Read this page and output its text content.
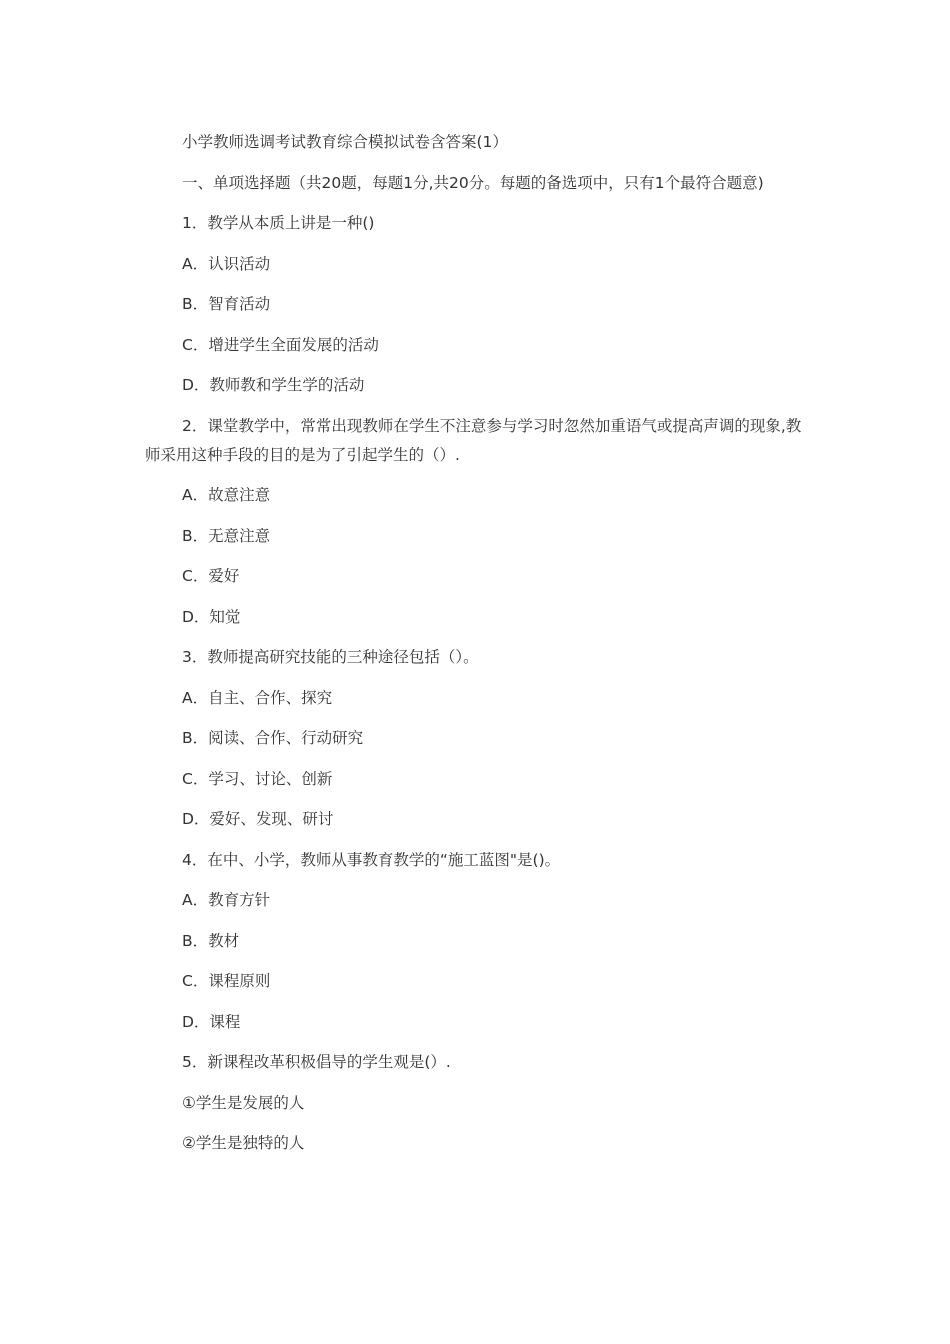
小学教师选调考试教育综合模拟试卷含答案(1）

一、单项选择题（共20题，每题1分,共20分。每题的备选项中，只有1个最符合题意)

1．教学从本质上讲是一种()

A．认识活动

B．智育活动

C．增进学生全面发展的活动

D．教师教和学生学的活动

2．课堂教学中，常常出现教师在学生不注意参与学习时忽然加重语气或提高声调的现象,教师采用这种手段的目的是为了引起学生的（）.

A．故意注意

B．无意注意

C．爱好

D．知觉

3．教师提高研究技能的三种途径包括（）。

A．自主、合作、探究

B．阅读、合作、行动研究

C．学习、讨论、创新

D．爱好、发现、研讨

4．在中、小学，教师从事教育教学的“施工蓝图"是()。

A．教育方针

B．教材

C．课程原则

D．课程

5．新课程改革积极倡导的学生观是(）.

①学生是发展的人

②学生是独特的人
